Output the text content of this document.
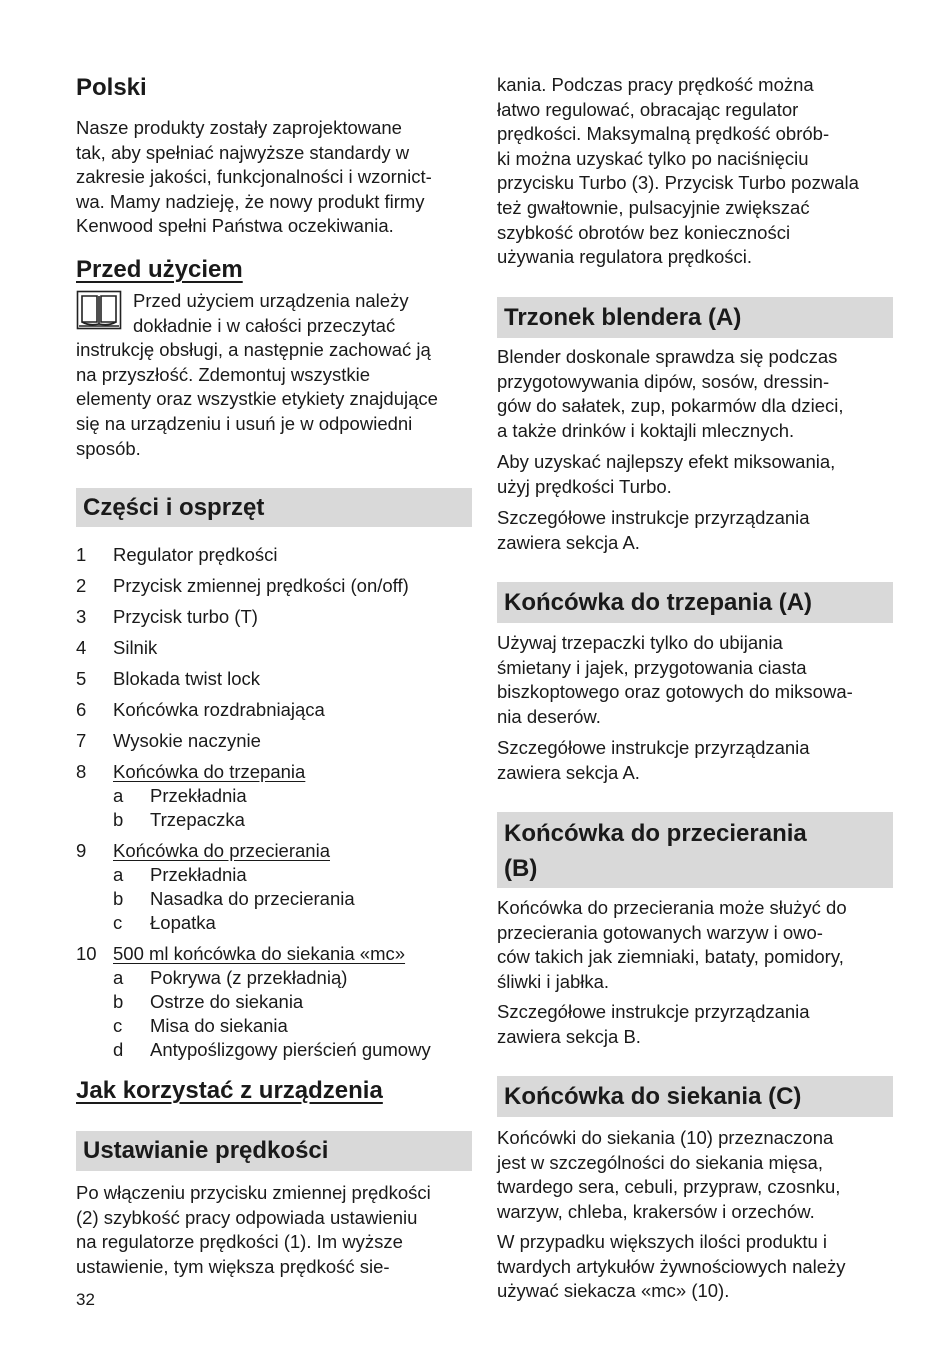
Polski
Nasze produkty zostały zaprojektowane
tak, aby spełniać najwyższe standardy w
zakresie jakości, funkcjonalności i wzornict-
wa. Mamy nadzieję, że nowy produkt firmy
Kenwood spełni Państwa oczekiwania.
Przed użyciem
Przed użyciem urządzenia należy
dokładnie i w całości przeczytać
instrukcję obsługi, a następnie zachować ją
na przyszłość. Zdemontuj wszystkie
elementy oraz wszystkie etykiety znajdujące
się na urządzeniu i usuń je w odpowiedni
sposób.
Części i osprzęt
1 Regulator prędkości
2 Przycisk zmiennej prędkości (on/off)
3 Przycisk turbo (T)
4 Silnik
5 Blokada twist lock
6 Końcówka rozdrabniająca
7 Wysokie naczynie
8 Końcówka do trzepania
a Przekładnia
b Trzepaczka
9 Końcówka do przecierania
a Przekładnia
b Nasadka do przecierania
c Łopatka
10 500 ml końcówka do siekania «mc»
a Pokrywa (z przekładnią)
b Ostrze do siekania
c Misa do siekania
d Antypoślizgowy pierścień gumowy
Jak korzystać z urządzenia
Ustawianie prędkości
Po włączeniu przycisku zmiennej prędkości
(2) szybkość pracy odpowiada ustawieniu
na regulatorze prędkości (1). Im wyższe
ustawienie, tym większa prędkość sie-
32
kania. Podczas pracy prędkość można
łatwo regulować, obracając regulator
prędkości. Maksymalną prędkość obrób-
ki można uzyskać tylko po naciśnięciu
przycisku Turbo (3). Przycisk Turbo pozwala
też gwałtownie, pulsacyjnie zwiększać
szybkość obrotów bez konieczności
używania regulatora prędkości.
Trzonek blendera (A)
Blender doskonale sprawdza się podczas
przygotowywania dipów, sosów, dressin-
gów do sałatek, zup, pokarmów dla dzieci,
a także drinków i koktajli mlecznych.
Aby uzyskać najlepszy efekt miksowania,
użyj prędkości Turbo.
Szczegółowe instrukcje przyrządzania
zawiera sekcja A.
Końcówka do trzepania (A)
Używaj trzepaczki tylko do ubijania
śmietany i jajek, przygotowania ciasta
biszkoptowego oraz gotowych do miksowa-
nia deserów.
Szczegółowe instrukcje przyrządzania
zawiera sekcja A.
Końcówka do przecierania
(B)
Końcówka do przecierania może służyć do
przecierania gotowanych warzyw i owo-
ców takich jak ziemniaki, bataty, pomidory,
śliwki i jabłka.
Szczegółowe instrukcje przyrządzania
zawiera sekcja B.
Końcówka do siekania (C)
Końcówki do siekania (10) przeznaczona
jest w szczególności do siekania mięsa,
twardego sera, cebuli, przypraw, czosnku,
warzyw, chleba, krakersów i orzechów.
W przypadku większych ilości produktu i
twardych artykułów żywnościowych należy
używać siekacza «mc» (10).
